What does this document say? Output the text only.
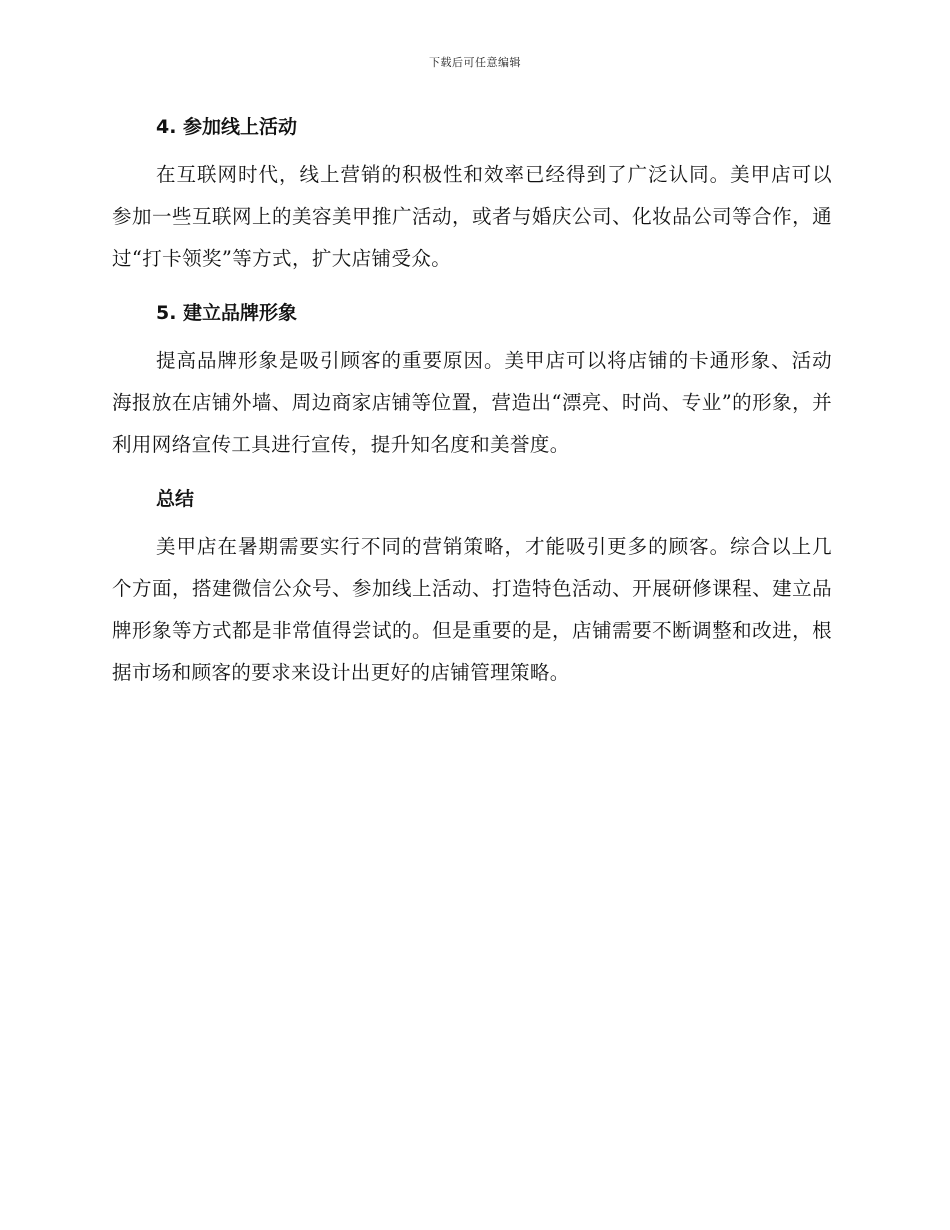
下载后可任意编辑
4. 参加线上活动

在互联网时代，线上营销的积极性和效率已经得到了广泛认同。美甲店可以参加一些互联网上的美容美甲推广活动，或者与婚庆公司、化妆品公司等合作，通过“打卡领奖”等方式，扩大店铺受众。

5. 建立品牌形象

提高品牌形象是吸引顾客的重要原因。美甲店可以将店铺的卡通形象、活动海报放在店铺外墙、周边商家店铺等位置，营造出“漂亮、时尚、专业”的形象，并利用网络宣传工具进行宣传，提升知名度和美誉度。

总结

美甲店在暑期需要实行不同的营销策略，才能吸引更多的顾客。综合以上几个方面，搭建微信公众号、参加线上活动、打造特色活动、开展研修课程、建立品牌形象等方式都是非常值得尝试的。但是重要的是，店铺需要不断调整和改进，根据市场和顾客的要求来设计出更好的店铺管理策略。
